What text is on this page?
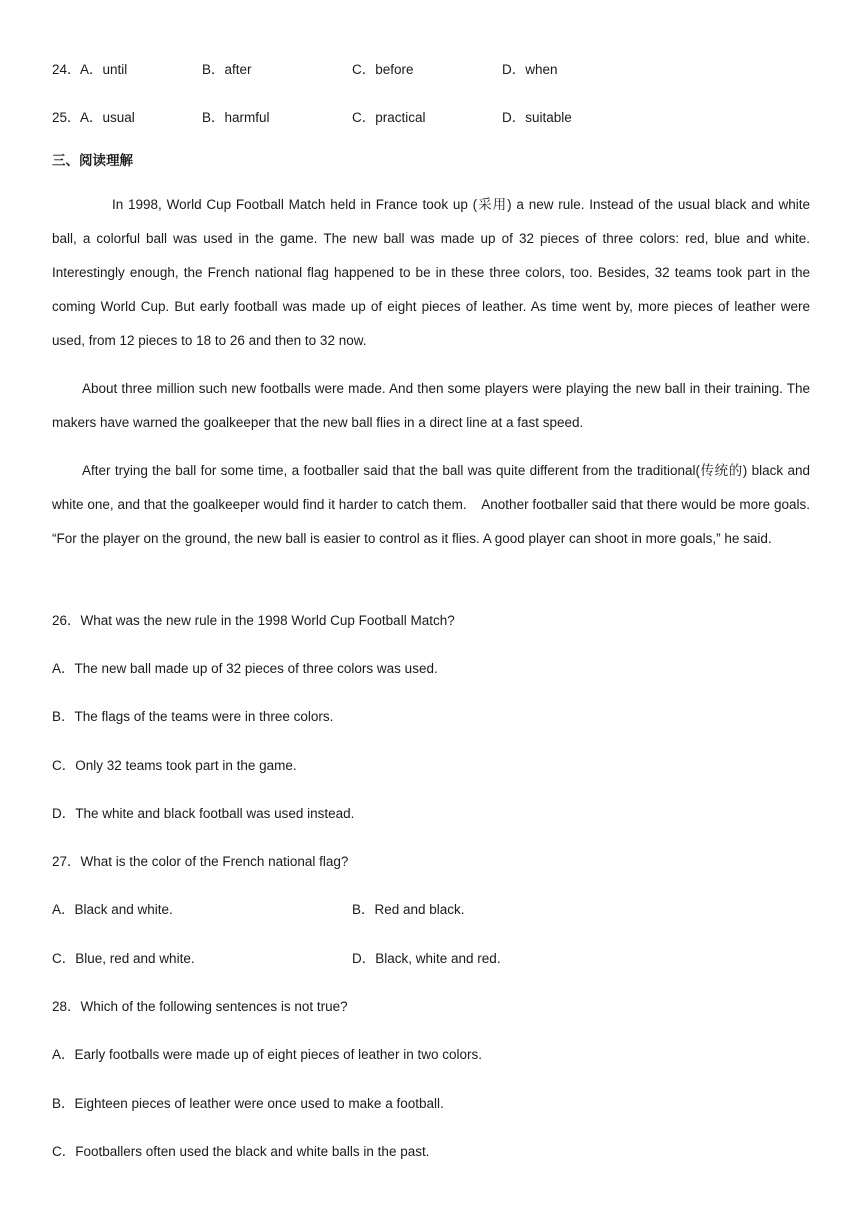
24． A．until	B．after	C．before	D．when
25． A．usual	B．harmful	C．practical	D．suitable
三、阅读理解

In 1998, World Cup Football Match held in France took up (采用) a new rule. Instead of the usual black and white ball, a colorful ball was used in the game. The new ball was made up of 32 pieces of three colors: red, blue and white. Interestingly enough, the French national flag happened to be in these three colors, too. Besides, 32 teams took part in the coming World Cup. But early football was made up of eight pieces of leather. As time went by, more pieces of leather were used, from 12 pieces to 18 to 26 and then to 32 now.

About three million such new footballs were made. And then some players were playing the new ball in their training. The makers have warned the goalkeeper that the new ball flies in a direct line at a fast speed.

After trying the ball for some time, a footballer said that the ball was quite different from the traditional(传统的) black and white one, and that the goalkeeper would find it harder to catch them.    Another footballer said that there would be more goals. “For the player on the ground, the new ball is easier to control as it flies. A good player can shoot in more goals,” he said.

26．What was the new rule in the 1998 World Cup Football Match?
A．The new ball made up of 32 pieces of three colors was used.
B．The flags of the teams were in three colors.
C．Only 32 teams took part in the game.
D．The white and black football was used instead.
27．What is the color of the French national flag?
A．Black and white.	B．Red and black.
C．Blue, red and white.	D．Black, white and red.
28．Which of the following sentences is not true?
A．Early footballs were made up of eight pieces of leather in two colors.
B．Eighteen pieces of leather were once used to make a football.
C．Footballers often used the black and white balls in the past.
